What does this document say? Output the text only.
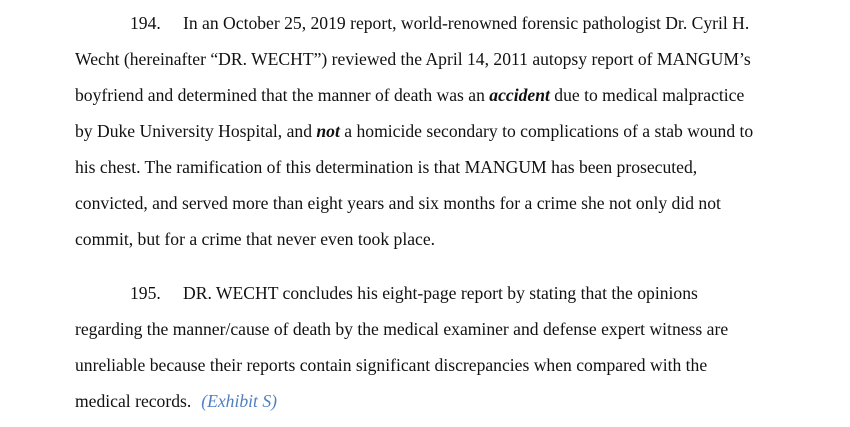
194. In an October 25, 2019 report, world-renowned forensic pathologist Dr. Cyril H.
Wecht (hereinafter “DR. WECHT”) reviewed the April 14, 2011 autopsy report of MANGUM’s
boyfriend and determined that the manner of death was an accident due to medical malpractice
by Duke University Hospital, and not a homicide secondary to complications of a stab wound to
his chest. The ramification of this determination is that MANGUM has been prosecuted,
convicted, and served more than eight years and six months for a crime she not only did not
commit, but for a crime that never even took place.
195. DR. WECHT concludes his eight-page report by stating that the opinions
regarding the manner/cause of death by the medical examiner and defense expert witness are
unreliable because their reports contain significant discrepancies when compared with the
medical records. (Exhibit S)
